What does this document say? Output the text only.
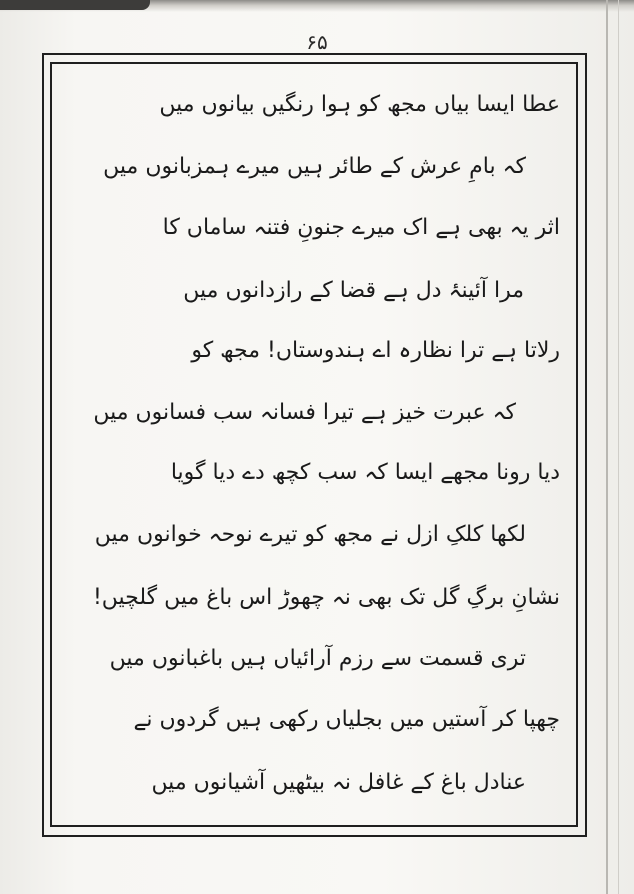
۶۵
عطا ایسا بیاں مجھ کو ہوا رنگیں بیانوں میں
کہ بامِ عرش کے طائر ہیں میرے ہمزبانوں میں
اثر یہ بھی ہے اک میرے جنونِ فتنہ ساماں کا
مرا آئینۂ دل ہے قضا کے رازدانوں میں
رلاتا ہے ترا نظارہ اے ہندوستاں! مجھ کو
کہ عبرت خیز ہے تیرا فسانہ سب فسانوں میں
دیا رونا مجھے ایسا کہ سب کچھ دے دیا گویا
لکھا کلکِ ازل نے مجھ کو تیرے نوحہ خوانوں میں
نشانِ برگِ گل تک بھی نہ چھوڑ اس باغ میں گلچیں!
تری قسمت سے رزم آرائیاں ہیں باغبانوں میں
چھپا کر آستیں میں بجلیاں رکھی ہیں گردوں نے
عنادل باغ کے غافل نہ بیٹھیں آشیانوں میں
